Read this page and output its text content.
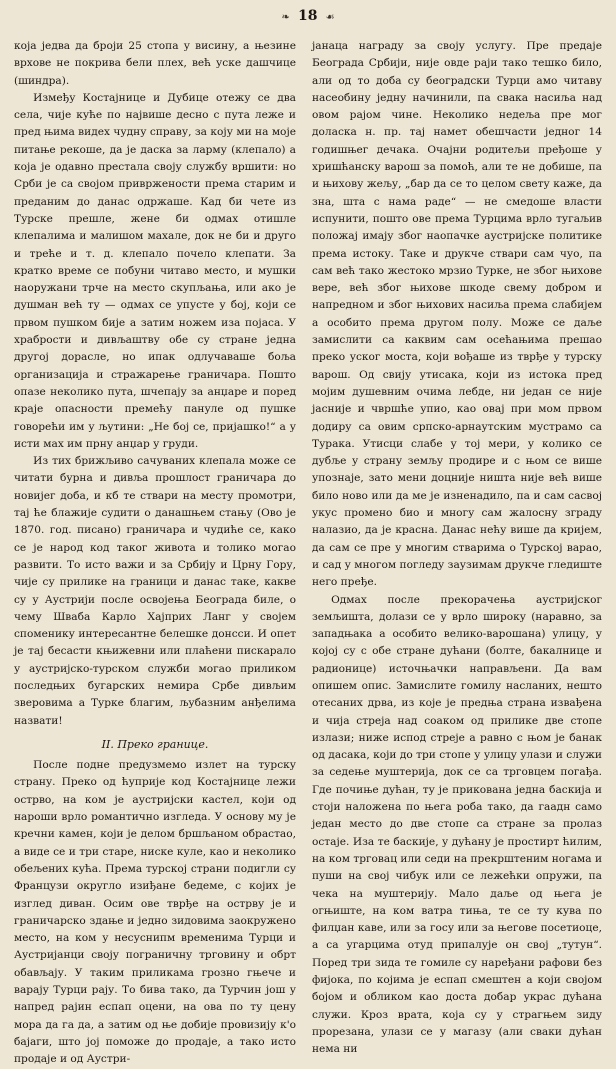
❧ 18 ☙

која једва да броји 25 стопа у висину, а њезине врхове не покрива бели плех, већ уске дашчице (шиндра).

Између Костајнице и Дубице отежу се два села, чије куће по највише десно с пута леже и пред њима видех чудну справу, за коју ми на моје питање рекоше, да је даска за ларму (клепало) а која је одавно престала своју службу вршити: но Срби је са својом привржености према старим и преданим до данас одржаше. Кад би чете из Турске прешле, жене би одмах отишле клепалима и малишом махале, док не би и друго и треће и т. д. клепало почело клепати. За кратко време се побуни читаво место, и мушки наоружани трче на место скупљања, или ако је душман већ ту — одмах се упусте у бој, који се првом пушком бије а затим ножем иза појаса. У храбрости и дивљаштву обе су стране једна другој дорасле, но ипак одлучаваше боља организација и стражарење граничара. Пошто опазе неколико пута, шчепају за анџаре и поред краје опасности премећу пануле од пушке говорећи им у љутини: „Не бој се, пријашко!“ а у исти мах им прну анџар у груди.

Из тих брижљиво сачуваних клепала може се читати бурна и дивља прошлост граничара до новијег доба, и кб те ствари на месту промотри, тај ће блажије судити о данашњем стању (Ово је 1870. год. писано) граничара и чудиће се, како се је народ код таког живота и толико могао развити. То исто важи и за Србију и Црну Гору, чије су прилике на граници и данас таке, какве су у Аустрији после освојења Београда биле, о чему Шваба Карло Хајприх Ланг у своjем споменику интересантне белешке донсси. И опет је тај бесасти књижевни или плаћени пискарало у аустријско-турском служби могао приликом последњих бугарских немира Србе дивљим зверовима а Турке благим, љубазним анђелима назвати!

II. Преко границе.

После подне предузмемо излет на турску страну. Преко од ћуприје код Костајнице лежи острво, на ком је аустријски кастел, који од нароши врло романтично изгледа. У основу му је кречни камен, који је делом бршљаном обрастао, а виде се и три старе, ниске куле, као и неколико обељених кућа. Према турској страни подигли су Французи округло изиђане бедеме, с којих је изглед диван. Осим ове тврђе на острву је и граничарско здање и једно зидовима заокружено место, на ком у несуснипм временима Турци и Аустријанци своју пограничну трговину и обрт обављају. У таким приликама грозно гњече и варају Турци рају. То бива тако, да Турчин још у напред рајин еспап оцени, на ова по ту цену мора да га да, а затим од ње добије провизију к'о бајаги, што јој поможе до продаје, а тако исто продаје и од Аустри-

јанаца награду за своју услугу. Пре предаје Београда Србији, није овде раји тако тешко било, али од то доба су београдски Турци амо читаву насеобину једну начинили, па свака насиља над овом рајом чине. Неколико недеља пре мог доласка н. пр. тај намет обешчасти једног 14 годишњег дечака. Очајни родитељи пређоше у хришћанску варош за помоћ, али те не добише, па и њихову жељу, „бар да се то целом свету каже, да зна, шта с нама раде“ — не смедоше власти испунити, пошто ове према Турцима врло тугаљив положај имају због наопачке аустријске политике према истоку. Таке и друкче ствари сам чуо, па сам већ тако жестоко мрзио Турке, не због њихове вере, већ због њихове шкоде свему добром и напредном и због њихових насиља према слабијем а особито према другом полу. Може се даље замислити са каквим сам осећањима прешао преко уског моста, који вођаше из тврђе у турску варош. Од свију утисака, који из истока пред мојим душевним очима лебде, ни један се није јасније и чвршће упио, као овај при мом првом додиру са овим српско-арнаутским мустрамо са Турака. Утисци слабе у тој мери, у колико се дубље у страну земљу продире и с њом се више упознаје, зато мени доцније ништа није већ више било ново или да ме је изненадило, па и сам сасвој укус промено био и многу сам жалосну зграду налазио, да је красна. Данас нећу више да кријем, да сам се пре у многим стварима о Турској варао, и сад у многом погледу заузимам друкче гледиште него пређе.

Одмах после прекорачења аустријског земљишта, долази се у врло широку (наравно, за западњака а особито велико-варошана) улицу, у којој су с обе стране дућани (болте, бакалнице и радионице) источњачки направљени. Да вам опишем опис. Замислите гомилу насланих, нешто отесаних дрва, из које је предња страна извађена и чија стреја над соаком од прилике две стопе излази; ниже испод стреје а равно с њом је банак од дасака, који до три стопе у улицу улази и служи за седење муштерија, док се са трговцем погађа. Где почиње дућан, ту је приковaна једна баскија и стоји наложена по њега роба тако, да гаадн само један место до две стопе са стране за пролаз остаје. Иза те баскије, у дућану је простирт ћилим, на ком трговац или седи на прекрштеним ногама и пуши на свој чибук или се лежећки опружи, па чека на муштерију. Мало даље од њега је огњиште, на ком ватра тиња, те се ту кува по филџан каве, или за госу или за његове посетиоце, а са угарцима отуд припалује он свој „тутун“. Поред три зида те гомиле су наређани рафови без фијока, по којима је еспап смештен а који својом бојом и обликом као доста добар украс дућана служи. Кроз врата, која су у страгњем зиду прорезана, улази се у магазу (али сваки дућан нема ни
